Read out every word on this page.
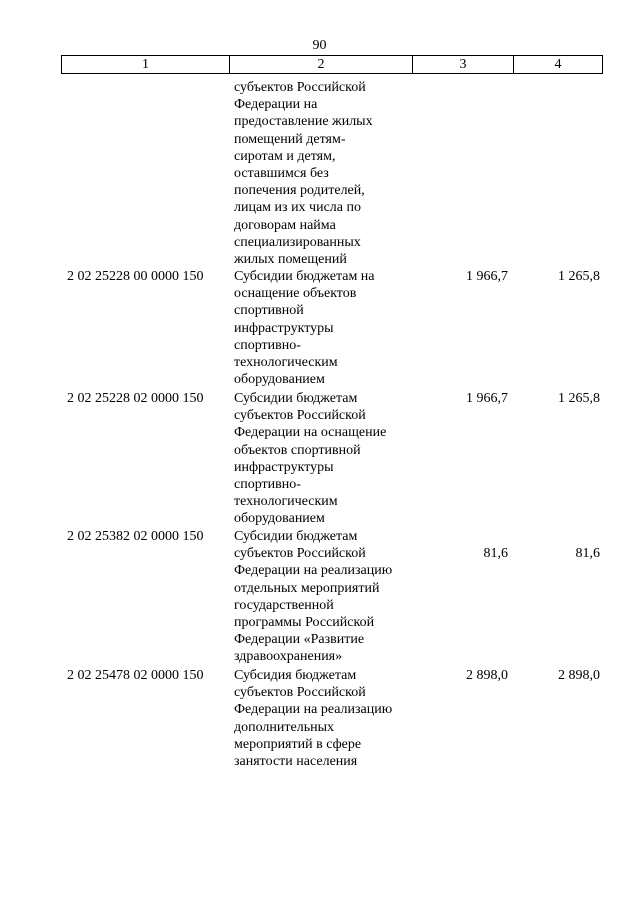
90
1	2	3	4
субъектов Российской
Федерации на
предоставление жилых
помещений детям-
сиротам и детям,
оставшимся без
попечения родителей,
лицам из их числа по
договорам найма
специализированных
жилых помещений
2 02 25228 00 0000 150 Субсидии бюджетам на
оснащение объектов
спортивной
инфраструктуры
спортивно-
технологическим
оборудованием
1 966,7	1 265,8
2 02 25228 02 0000 150 Субсидии бюджетам
субъектов Российской
Федерации на оснащение
объектов спортивной
инфраструктуры
спортивно-
технологическим
оборудованием
1 966,7	1 265,8
2 02 25382 02 0000 150 Субсидии бюджетам
субъектов Российской
Федерации на реализацию
отдельных мероприятий
государственной
программы Российской
Федерации «Развитие
здравоохранения»
81,6	81,6
2 02 25478 02 0000 150 Субсидия бюджетам
субъектов Российской
Федерации на реализацию
дополнительных
мероприятий в сфере
занятости населения
2 898,0	2 898,0
